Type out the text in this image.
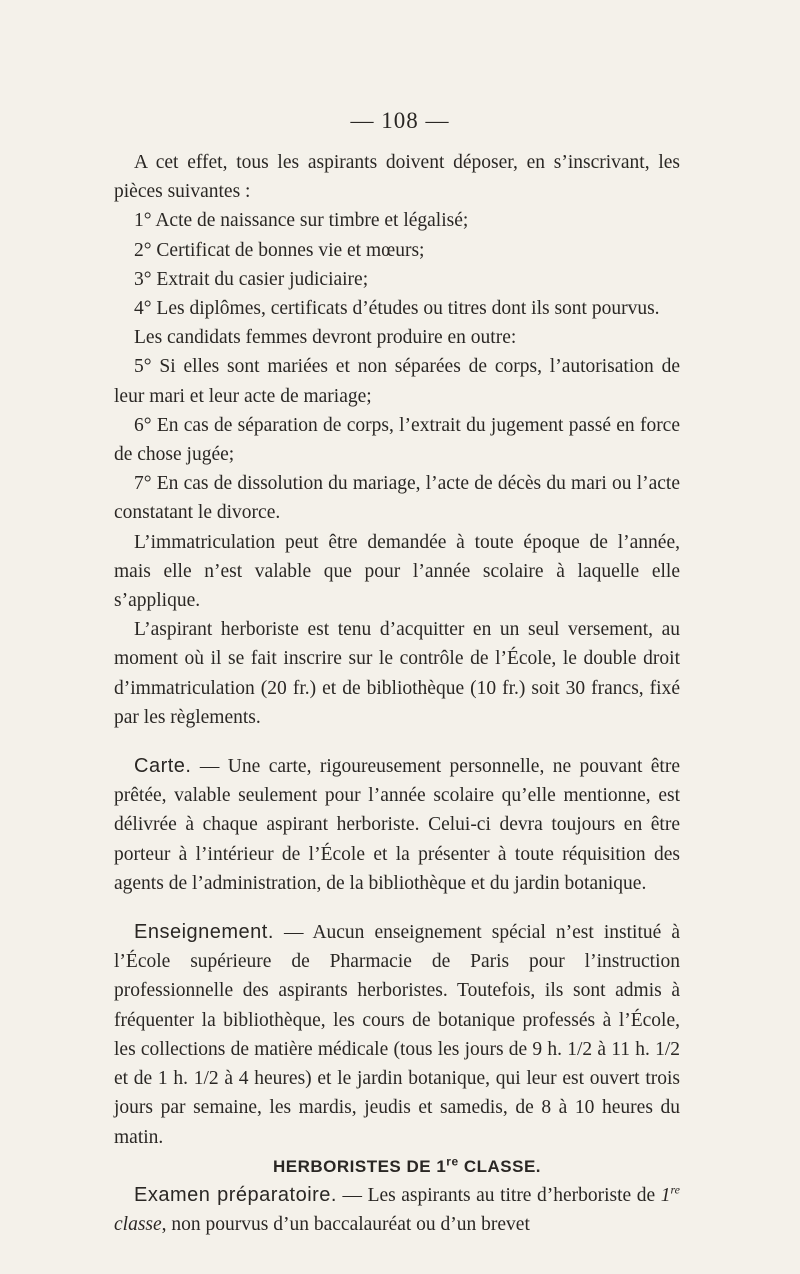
— 108 —

A cet effet, tous les aspirants doivent déposer, en s’inscrivant, les pièces suivantes :

1° Acte de naissance sur timbre et légalisé;

2° Certificat de bonnes vie et mœurs;

3° Extrait du casier judiciaire;

4° Les diplômes, certificats d’études ou titres dont ils sont pourvus.

Les candidats femmes devront produire en outre:

5° Si elles sont mariées et non séparées de corps, l’autorisation de leur mari et leur acte de mariage;

6° En cas de séparation de corps, l’extrait du jugement passé en force de chose jugée;

7° En cas de dissolution du mariage, l’acte de décès du mari ou l’acte constatant le divorce.

L’immatriculation peut être demandée à toute époque de l’année, mais elle n’est valable que pour l’année scolaire à laquelle elle s’applique.

L’aspirant herboriste est tenu d’acquitter en un seul versement, au moment où il se fait inscrire sur le contrôle de l’École, le double droit d’immatriculation (20 fr.) et de bibliothèque (10 fr.) soit 30 francs, fixé par les règlements.

Carte. — Une carte, rigoureusement personnelle, ne pouvant être prêtée, valable seulement pour l’année scolaire qu’elle mentionne, est délivrée à chaque aspirant herboriste. Celui-ci devra toujours en être porteur à l’intérieur de l’École et la présenter à toute réquisition des agents de l’administration, de la bibliothèque et du jardin botanique.

Enseignement. — Aucun enseignement spécial n’est institué à l’École supérieure de Pharmacie de Paris pour l’instruction professionnelle des aspirants herboristes. Toutefois, ils sont admis à fréquenter la bibliothèque, les cours de botanique professés à l’École, les collections de matière médicale (tous les jours de 9 h. 1/2 à 11 h. 1/2 et de 1 h. 1/2 à 4 heures) et le jardin botanique, qui leur est ouvert trois jours par semaine, les mardis, jeudis et samedis, de 8 à 10 heures du matin.

HERBORISTES DE 1re CLASSE.

Examen préparatoire. — Les aspirants au titre d’herboriste de 1re classe, non pourvus d’un baccalauréat ou d’un brevet
